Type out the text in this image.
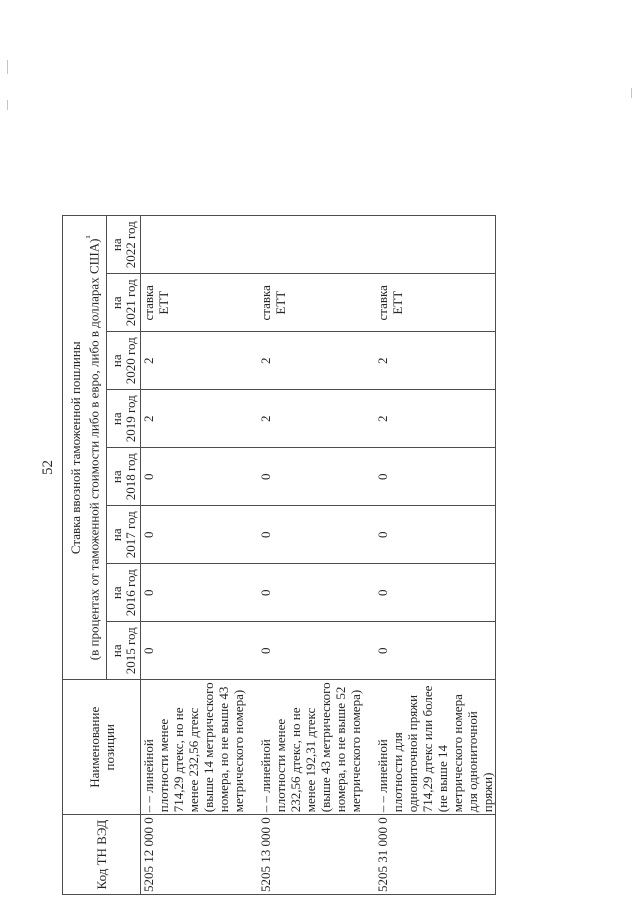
52
Код ТН ВЭД	Наименование позиции	Ставка ввозной таможенной пошлины (в процентах от таможенной стоимости либо в евро, либо в долларах США)$^{^1}$

		на 2015 год	на 2016 год	на 2017 год	на 2018 год	на 2019 год	на 2020 год	на 2021 год	на 2022 год

5205 12 000 0	– – линейной плотности менее 714,29 дтекс, но не менее 232,56 дтекс (выше 14 метрического номера, но не выше 43 метрического номера)	0	0	0	0	2	2	ставка ЕТТ	
5205 13 000 0	– – линейной плотности менее 232,56 дтекс, но не менее 192,31 дтекс (выше 43 метрического номера, но не выше 52 метрического номера)	0	0	0	0	2	2	ставка ЕТТ	
5205 31 000 0	– – линейной плотности для однониточной пряжи 714,29 дтекс или более (не выше 14 метрического номера для однониточной пряжи)	0	0	0	0	2	2	ставка ЕТТ	
